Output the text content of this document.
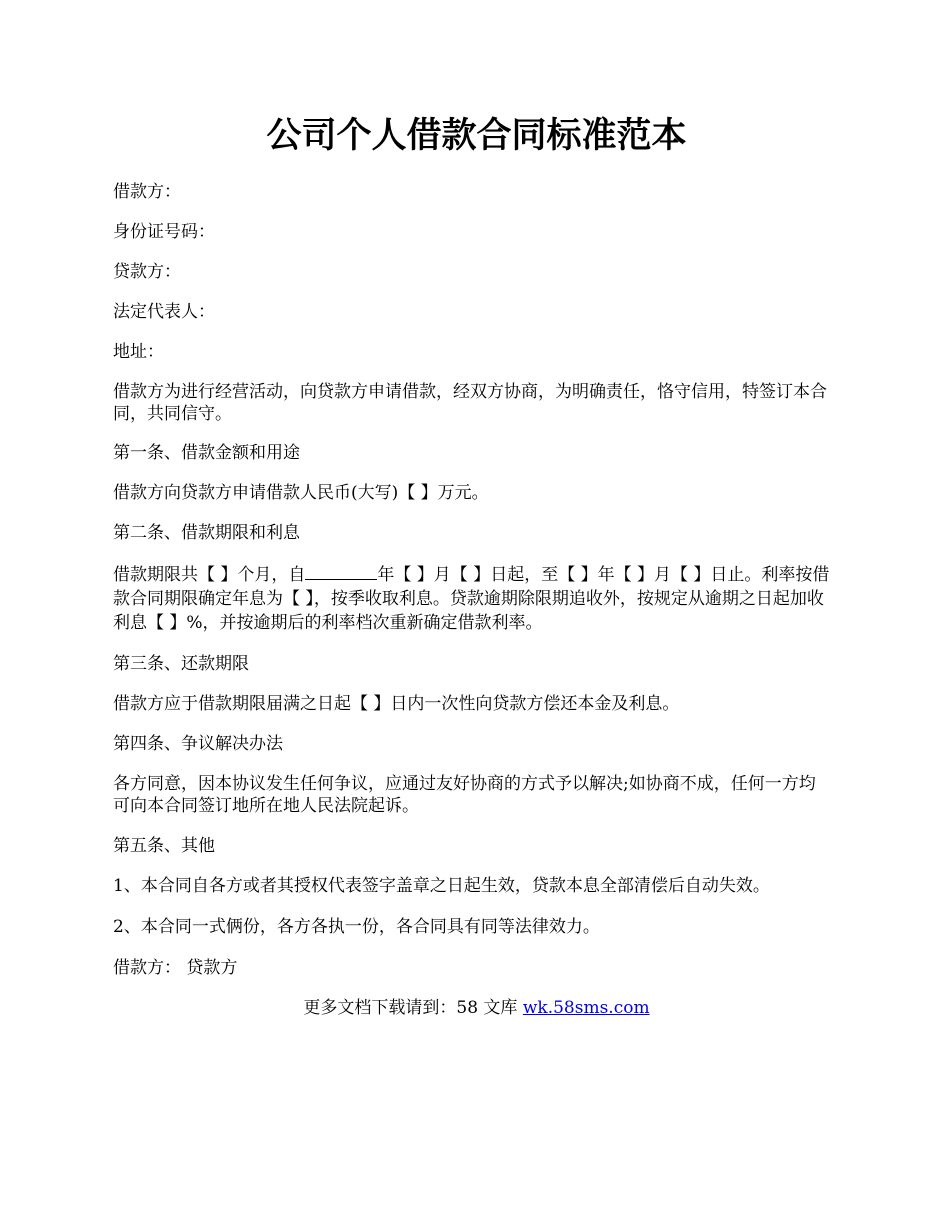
公司个人借款合同标准范本

借款方：

身份证号码：

贷款方：

法定代表人：

地址：

借款方为进行经营活动，向贷款方申请借款，经双方协商，为明确责任，恪守信用，特签订本合同，共同信守。

第一条、借款金额和用途

借款方向贷款方申请借款人民币(大写)【 】万元。

第二条、借款期限和利息

借款期限共【 】个月，自	年【 】月【 】日起，至【 】年【 】月【 】日止。利率按借款合同期限确定年息为【 】，按季收取利息。贷款逾期除限期追收外，按规定从逾期之日起加收利息【 】%，并按逾期后的利率档次重新确定借款利率。

第三条、还款期限

借款方应于借款期限届满之日起【 】日内一次性向贷款方偿还本金及利息。

第四条、争议解决办法

各方同意，因本协议发生任何争议，应通过友好协商的方式予以解决;如协商不成，任何一方均可向本合同签订地所在地人民法院起诉。

第五条、其他

1、本合同自各方或者其授权代表签字盖章之日起生效，贷款本息全部清偿后自动失效。

2、本合同一式俩份，各方各执一份，各合同具有同等法律效力。

借款方： 贷款方

更多文档下载请到：58 文库 wk.58sms.com
